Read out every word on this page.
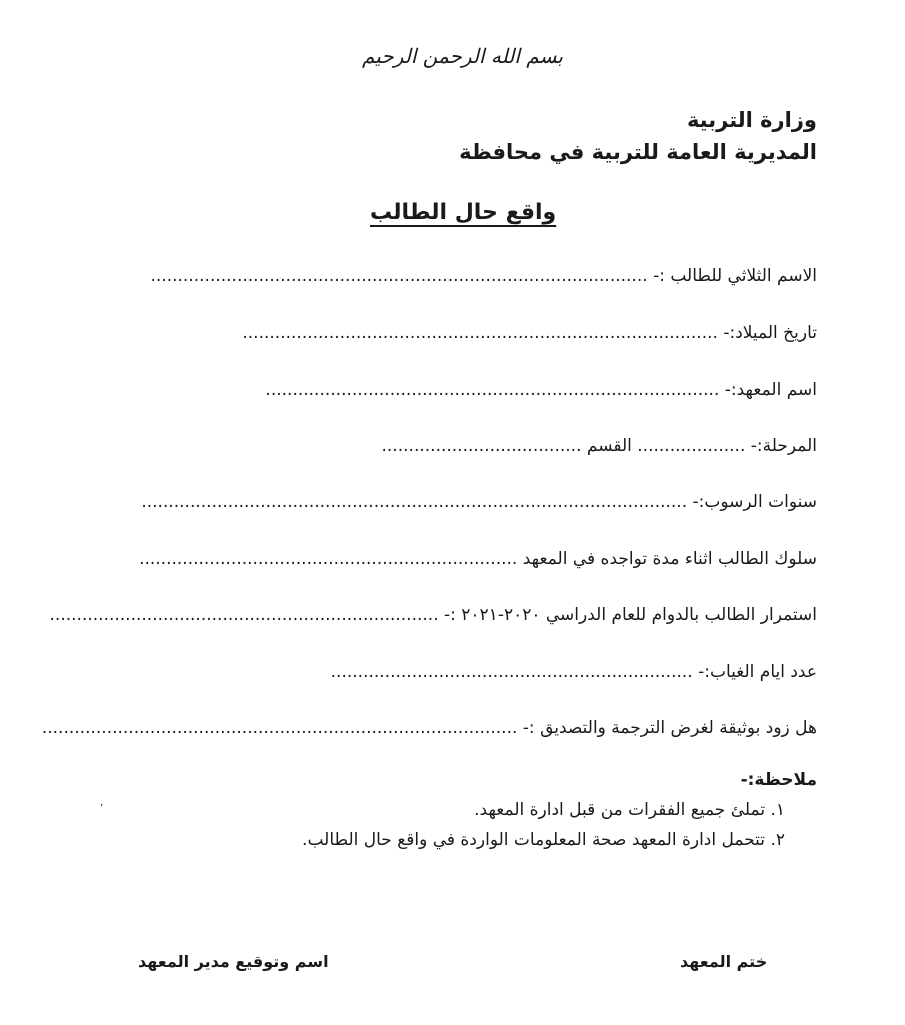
بسم الله الرحمن الرحيم
وزارة التربية
المديرية العامة للتربية في محافظة
واقع حال الطالب
الاسم الثلاثي للطالب :- ............................................................................................
تاريخ الميلاد:- ........................................................................................
اسم المعهد:- ....................................................................................
المرحلة:- .................... القسم .....................................
سنوات الرسوب:- .....................................................................................................
سلوك الطالب اثناء مدة تواجده في المعهد ......................................................................
استمرار الطالب بالدوام للعام الدراسي ٢٠٢٠-٢٠٢١ :- ........................................................................
عدد ايام الغياب:- ...................................................................
هل زود بوثيقة لغرض الترجمة والتصديق :- ........................................................................................
ملاحظة:-
١. تملئ جميع الفقرات من قبل ادارة المعهد.
٢. تتحمل ادارة المعهد صحة المعلومات الواردة في واقع حال الطالب.
،
ختم المعهد
اسم وتوقيع مدير المعهد
